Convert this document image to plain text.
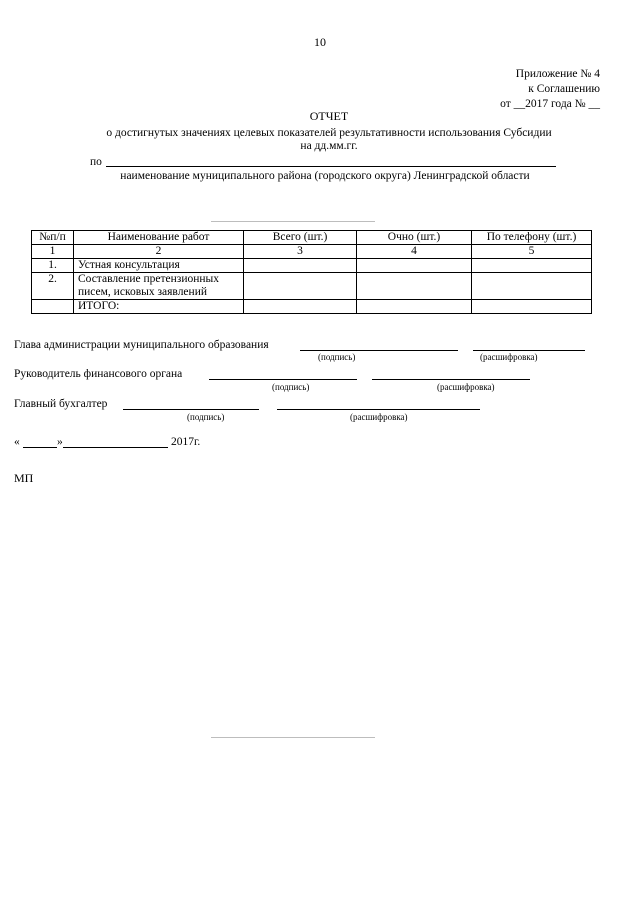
10
Приложение № 4
к Соглашению
от __2017 года № __
ОТЧЕТ
о достигнутых значениях целевых показателей результативности использования Субсидии
на дд.мм.гг.
по
наименование муниципального района (городского округа) Ленинградской области
№п/п	Наименование работ	Всего (шт.)	Очно (шт.)	По телефону (шт.)
1	2	3	4	5
1.	Устная консультация			
2.	Составление претензионных
писем, исковых заявлений			

	ИТОГО:			
Глава администрации муниципального образования
(подпись)	(расшифровка)
Руководитель финансового органа
(подпись)	(расшифровка)
Главный бухгалтер
(подпись)	(расшифровка)
«	»	2017г.
МП
